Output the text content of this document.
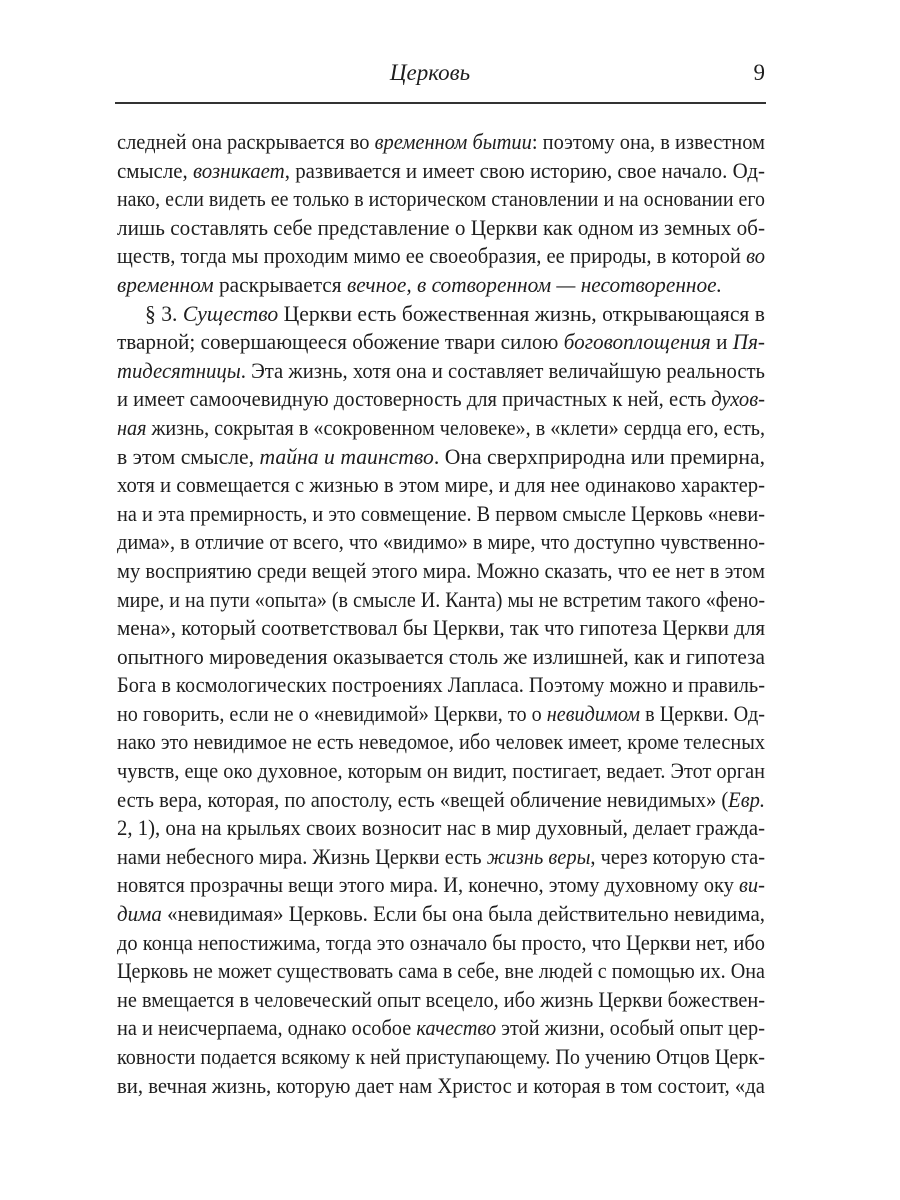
Церковь	9
следней она раскрывается во временном бытии: поэтому она, в известном
смысле, возникает, развивается и имеет свою историю, свое начало. Од-
нако, если видеть ее только в историческом становлении и на основании его
лишь составлять себе представление о Церкви как одном из земных об-
ществ, тогда мы проходим мимо ее своеобразия, ее природы, в которой во
временном раскрывается вечное, в сотворенном — несотворенное.
§ 3. Существо Церкви есть божественная жизнь, открывающаяся в
тварной; совершающееся обожение твари силою боговоплощения и Пя-
тидесятницы. Эта жизнь, хотя она и составляет величайшую реальность
и имеет самоочевидную достоверность для причастных к ней, есть духов-
ная жизнь, сокрытая в «сокровенном человеке», в «клети» сердца его, есть,
в этом смысле, тайна и таинство. Она сверхприродна или премирна,
хотя и совмещается с жизнью в этом мире, и для нее одинаково характер-
на и эта премирность, и это совмещение. В первом смысле Церковь «неви-
дима», в отличие от всего, что «видимо» в мире, что доступно чувственно-
му восприятию среди вещей этого мира. Можно сказать, что ее нет в этом
мире, и на пути «опыта» (в смысле И. Канта) мы не встретим такого «фено-
мена», который соответствовал бы Церкви, так что гипотеза Церкви для
опытного мироведения оказывается столь же излишней, как и гипотеза
Бога в космологических построениях Лапласа. Поэтому можно и правиль-
но говорить, если не о «невидимой» Церкви, то о невидимом в Церкви. Од-
нако это невидимое не есть неведомое, ибо человек имеет, кроме телесных
чувств, еще око духовное, которым он видит, постигает, ведает. Этот орган
есть вера, которая, по апостолу, есть «вещей обличение невидимых» (Евр.
2, 1), она на крыльях своих возносит нас в мир духовный, делает гражда-
нами небесного мира. Жизнь Церкви есть жизнь веры, через которую ста-
новятся прозрачны вещи этого мира. И, конечно, этому духовному оку ви-
дима «невидимая» Церковь. Если бы она была действительно невидима,
до конца непостижима, тогда это означало бы просто, что Церкви нет, ибо
Церковь не может существовать сама в себе, вне людей с помощью их. Она
не вмещается в человеческий опыт всецело, ибо жизнь Церкви божествен-
на и неисчерпаема, однако особое качество этой жизни, особый опыт цер-
ковности подается всякому к ней приступающему. По учению Отцов Церк-
ви, вечная жизнь, которую дает нам Христос и которая в том состоит, «да
